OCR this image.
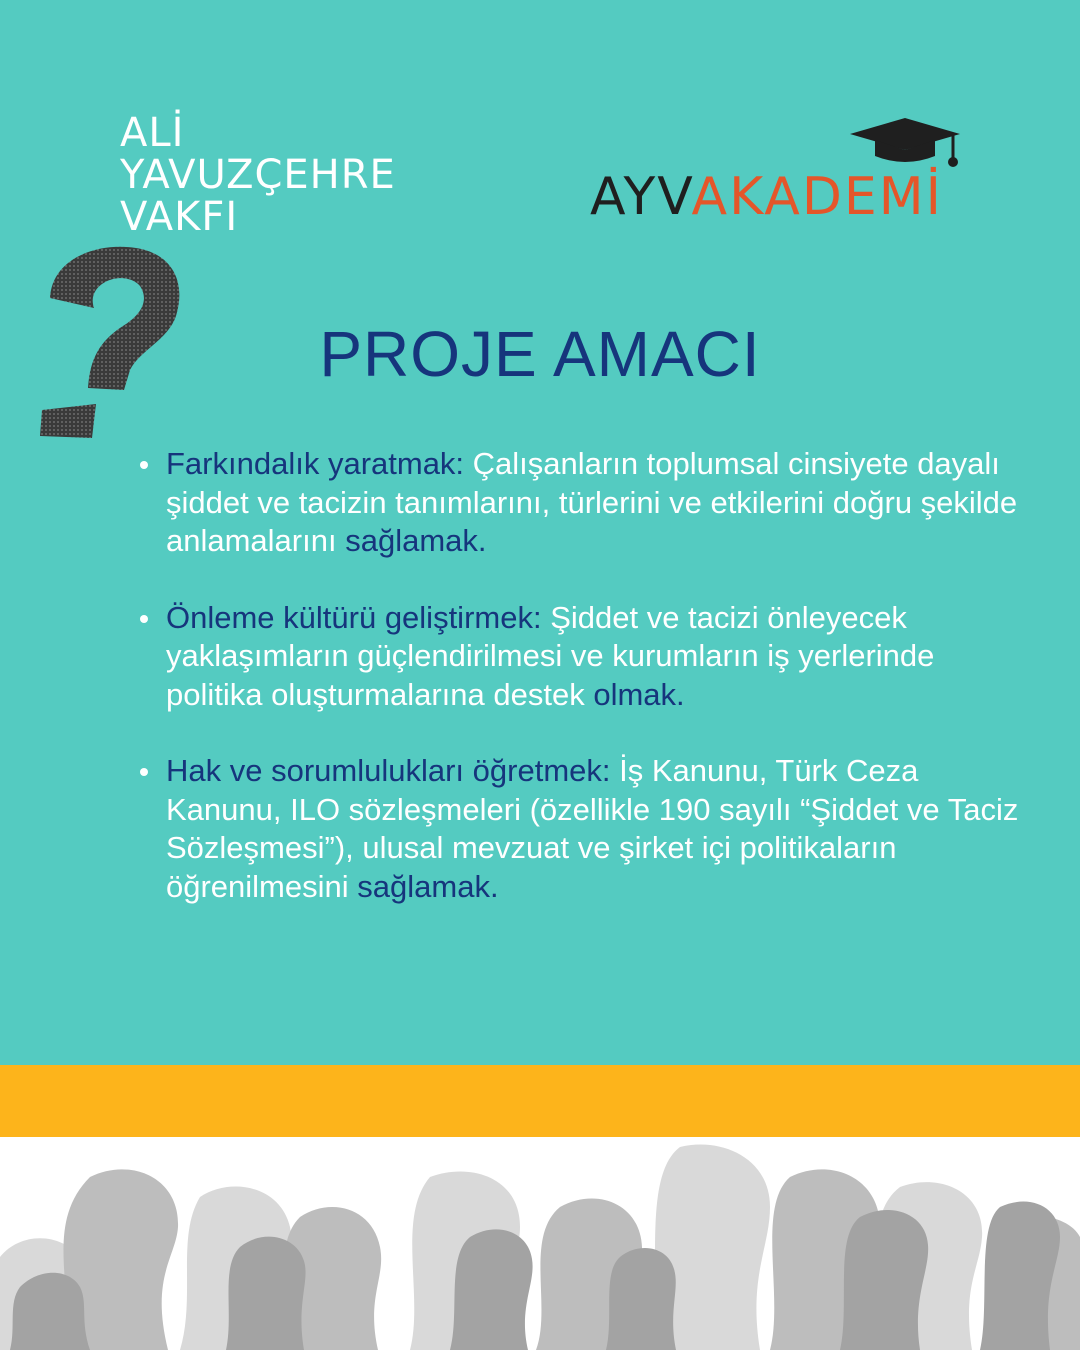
ALİ
YAVUZÇEHRE
VAKFI	AYVAKADEMİ
PROJE AMACI
Farkındalık yaratmak: Çalışanların toplumsal cinsiyete dayalı şiddet ve tacizin tanımlarını, türlerini ve etkilerini doğru şekilde anlamalarını sağlamak.
Önleme kültürü geliştirmek: Şiddet ve tacizi önleyecek yaklaşımların güçlendirilmesi ve kurumların iş yerlerinde politika oluşturmalarına destek olmak.
Hak ve sorumlulukları öğretmek: İş Kanunu, Türk Ceza Kanunu, ILO sözleşmeleri (özellikle 190 sayılı “Şiddet ve Taciz Sözleşmesi”), ulusal mevzuat ve şirket içi politikaların öğrenilmesini sağlamak.
